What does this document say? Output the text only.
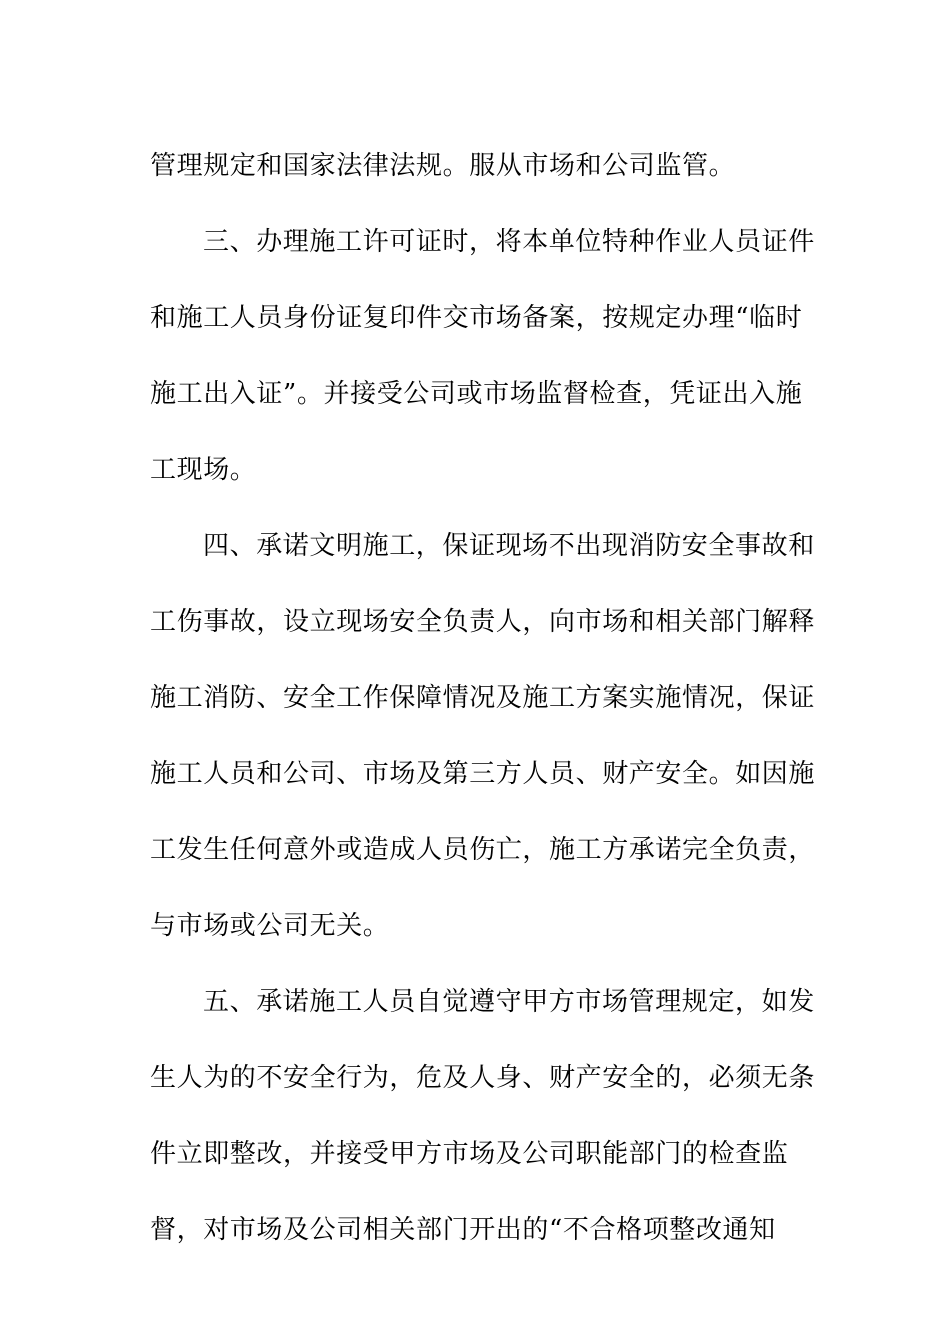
管理规定和国家法律法规。服从市场和公司监管。
三、办理施工许可证时，将本单位特种作业人员证件
和施工人员身份证复印件交市场备案，按规定办理“临时
施工出入证”。并接受公司或市场监督检查，凭证出入施
工现场。
四、承诺文明施工，保证现场不出现消防安全事故和
工伤事故，设立现场安全负责人，向市场和相关部门解释
施工消防、安全工作保障情况及施工方案实施情况，保证
施工人员和公司、市场及第三方人员、财产安全。如因施
工发生任何意外或造成人员伤亡，施工方承诺完全负责，
与市场或公司无关。
五、承诺施工人员自觉遵守甲方市场管理规定，如发
生人为的不安全行为，危及人身、财产安全的，必须无条
件立即整改，并接受甲方市场及公司职能部门的检查监
督，对市场及公司相关部门开出的“不合格项整改通知
